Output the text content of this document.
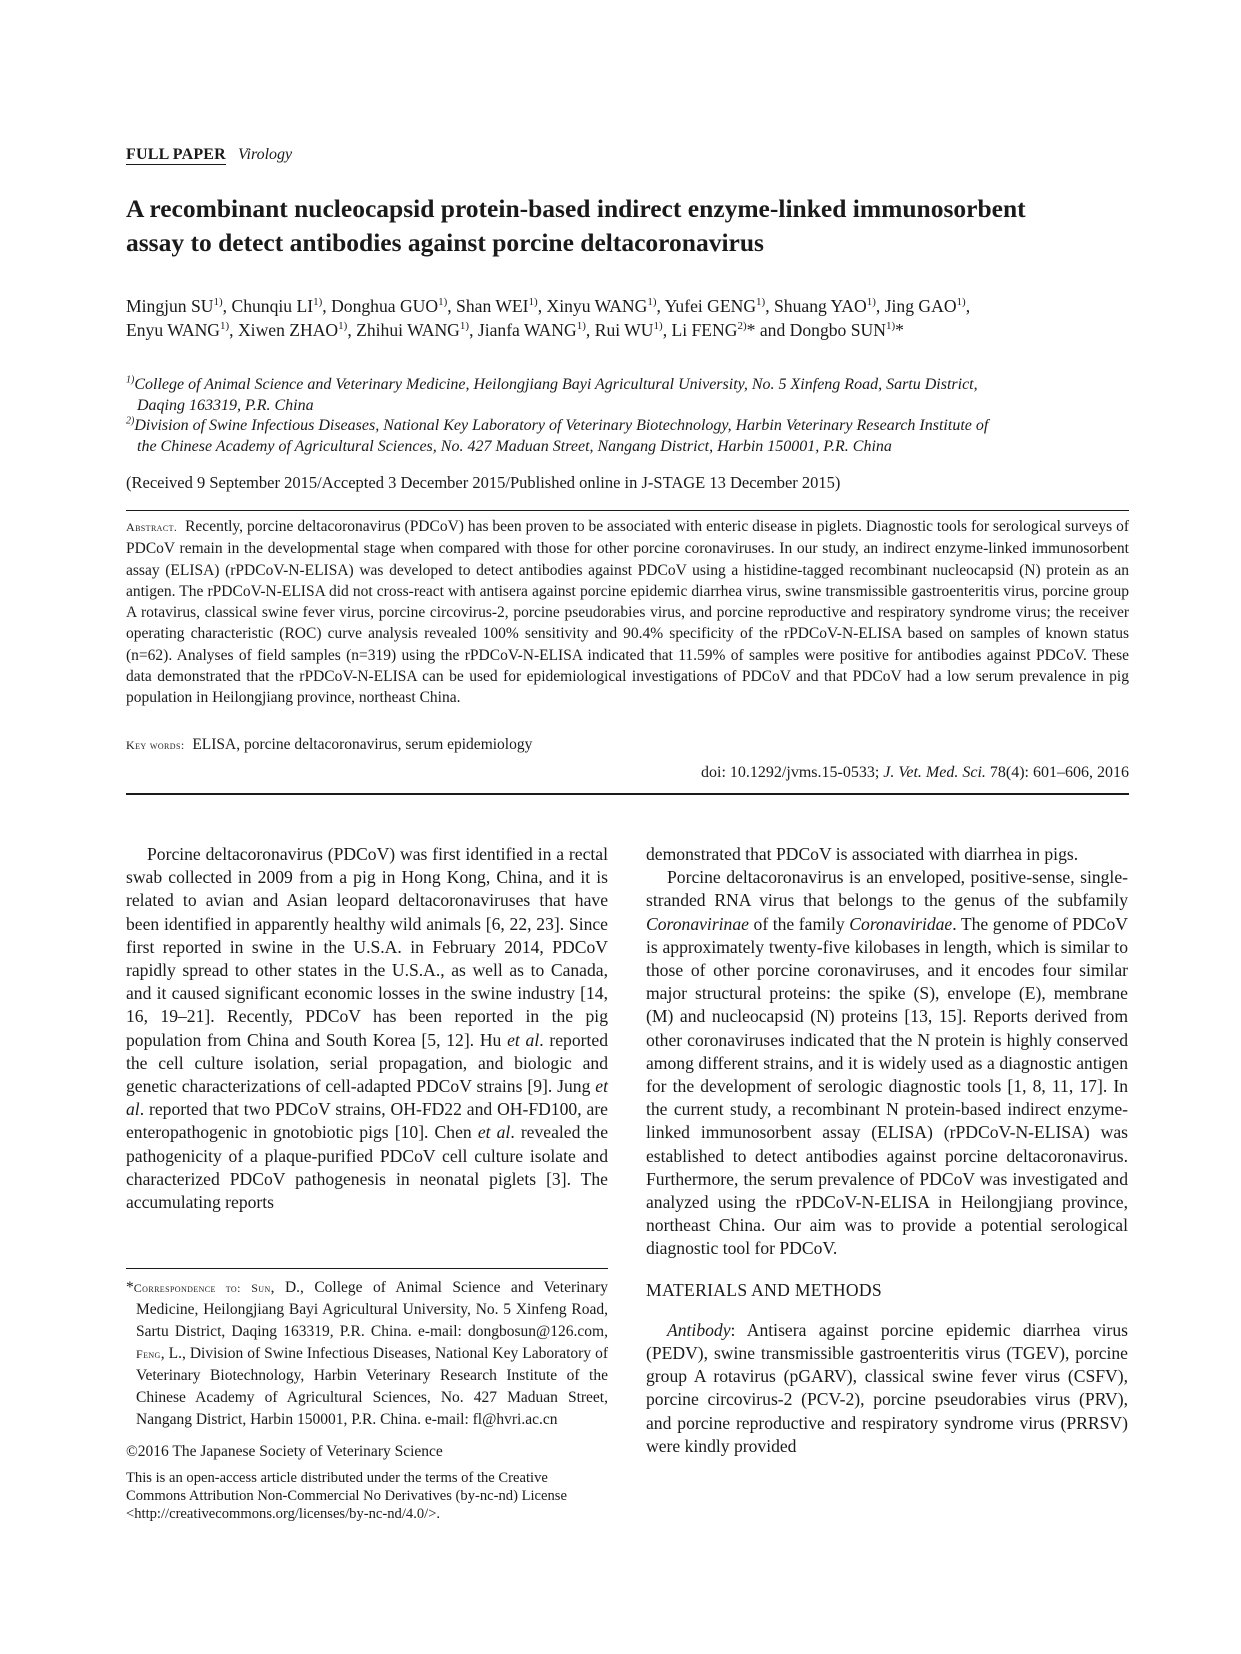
FULL PAPER Virology
A recombinant nucleocapsid protein-based indirect enzyme-linked immunosorbent
assay to detect antibodies against porcine deltacoronavirus
Mingjun SU$^{1)}$, Chunqiu LI$^{1)}$, Donghua GUO$^{1)}$, Shan WEI$^{1)}$, Xinyu WANG$^{1)}$, Yufei GENG$^{1)}$, Shuang YAO$^{1)}$, Jing GAO$^{1)}$,
Enyu WANG$^{1)}$, Xiwen ZHAO$^{1)}$, Zhihui WANG$^{1)}$, Jianfa WANG$^{1)}$, Rui WU$^{1)}$, Li FENG$^{2)}$* and Dongbo SUN$^{1)}$*
$^{1)}$College of Animal Science and Veterinary Medicine, Heilongjiang Bayi Agricultural University, No. 5 Xinfeng Road, Sartu District,
Daqing 163319, P.R. China
$^{2)}$Division of Swine Infectious Diseases, National Key Laboratory of Veterinary Biotechnology, Harbin Veterinary Research Institute of
the Chinese Academy of Agricultural Sciences, No. 427 Maduan Street, Nangang District, Harbin 150001, P.R. China
(Received 9 September 2015/Accepted 3 December 2015/Published online in J-STAGE 13 December 2015)

Abstract. Recently, porcine deltacoronavirus (PDCoV) has been proven to be associated with enteric disease in piglets. Diagnostic tools for serological surveys of PDCoV remain in the developmental stage when compared with those for other porcine coronaviruses. In our study, an indirect enzyme-linked immunosorbent assay (ELISA) (rPDCoV-N-ELISA) was developed to detect antibodies against PDCoV using a histidine-tagged recombinant nucleocapsid (N) protein as an antigen. The rPDCoV-N-ELISA did not cross-react with antisera against porcine epidemic diarrhea virus, swine transmissible gastroenteritis virus, porcine group A rotavirus, classical swine fever virus, porcine circovirus-2, porcine pseudorabies virus, and porcine reproductive and respiratory syndrome virus; the receiver operating characteristic (ROC) curve analysis revealed 100% sensitivity and 90.4% specificity of the rPDCoV-N-ELISA based on samples of known status (n=62). Analyses of field samples (n=319) using the rPDCoV-N-ELISA indicated that 11.59% of samples were positive for antibodies against PDCoV. These data demonstrated that the rPDCoV-N-ELISA can be used for epidemiological investigations of PDCoV and that PDCoV had a low serum prevalence in pig population in Heilongjiang province, northeast China.

Key words: ELISA, porcine deltacoronavirus, serum epidemiology
doi: 10.1292/jvms.15-0533; J. Vet. Med. Sci. 78(4): 601–606, 2016

Porcine deltacoronavirus (PDCoV) was first identified in a rectal swab collected in 2009 from a pig in Hong Kong, China, and it is related to avian and Asian leopard deltacoronaviruses that have been identified in apparently healthy wild animals [6, 22, 23]. Since first reported in swine in the U.S.A. in February 2014, PDCoV rapidly spread to other states in the U.S.A., as well as to Canada, and it caused significant economic losses in the swine industry [14, 16, 19–21]. Recently, PDCoV has been reported in the pig population from China and South Korea [5, 12]. Hu et al. reported the cell culture isolation, serial propagation, and biologic and genetic characterizations of cell-adapted PDCoV strains [9]. Jung et al. reported that two PDCoV strains, OH-FD22 and OH-FD100, are enteropathogenic in gnotobiotic pigs [10]. Chen et al. revealed the pathogenicity of a plaque-purified PDCoV cell culture isolate and characterized PDCoV pathogenesis in neonatal piglets [3]. The accumulating reports

*Correspondence to: Sun, D., College of Animal Science and Veterinary Medicine, Heilongjiang Bayi Agricultural University, No. 5 Xinfeng Road, Sartu District, Daqing 163319, P.R. China. e-mail: dongbosun@126.com, Feng, L., Division of Swine Infectious Diseases, National Key Laboratory of Veterinary Biotechnology, Harbin Veterinary Research Institute of the Chinese Academy of Agricultural Sciences, No. 427 Maduan Street, Nangang District, Harbin 150001, P.R. China. e-mail: fl@hvri.ac.cn

©2016 The Japanese Society of Veterinary Science

This is an open-access article distributed under the terms of the Creative Commons Attribution Non-Commercial No Derivatives (by-nc-nd) License <http://creativecommons.org/licenses/by-nc-nd/4.0/>.

demonstrated that PDCoV is associated with diarrhea in pigs.

Porcine deltacoronavirus is an enveloped, positive-sense, single-stranded RNA virus that belongs to the genus of the subfamily Coronavirinae of the family Coronaviridae. The genome of PDCoV is approximately twenty-five kilobases in length, which is similar to those of other porcine coronaviruses, and it encodes four similar major structural proteins: the spike (S), envelope (E), membrane (M) and nucleocapsid (N) proteins [13, 15]. Reports derived from other coronaviruses indicated that the N protein is highly conserved among different strains, and it is widely used as a diagnostic antigen for the development of serologic diagnostic tools [1, 8, 11, 17]. In the current study, a recombinant N protein-based indirect enzyme-linked immunosorbent assay (ELISA) (rPDCoV-N-ELISA) was established to detect antibodies against porcine deltacoronavirus. Furthermore, the serum prevalence of PDCoV was investigated and analyzed using the rPDCoV-N-ELISA in Heilongjiang province, northeast China. Our aim was to provide a potential serological diagnostic tool for PDCoV.

MATERIALS AND METHODS

Antibody: Antisera against porcine epidemic diarrhea virus (PEDV), swine transmissible gastroenteritis virus (TGEV), porcine group A rotavirus (pGARV), classical swine fever virus (CSFV), porcine circovirus-2 (PCV-2), porcine pseudorabies virus (PRV), and porcine reproductive and respiratory syndrome virus (PRRSV) were kindly provided
